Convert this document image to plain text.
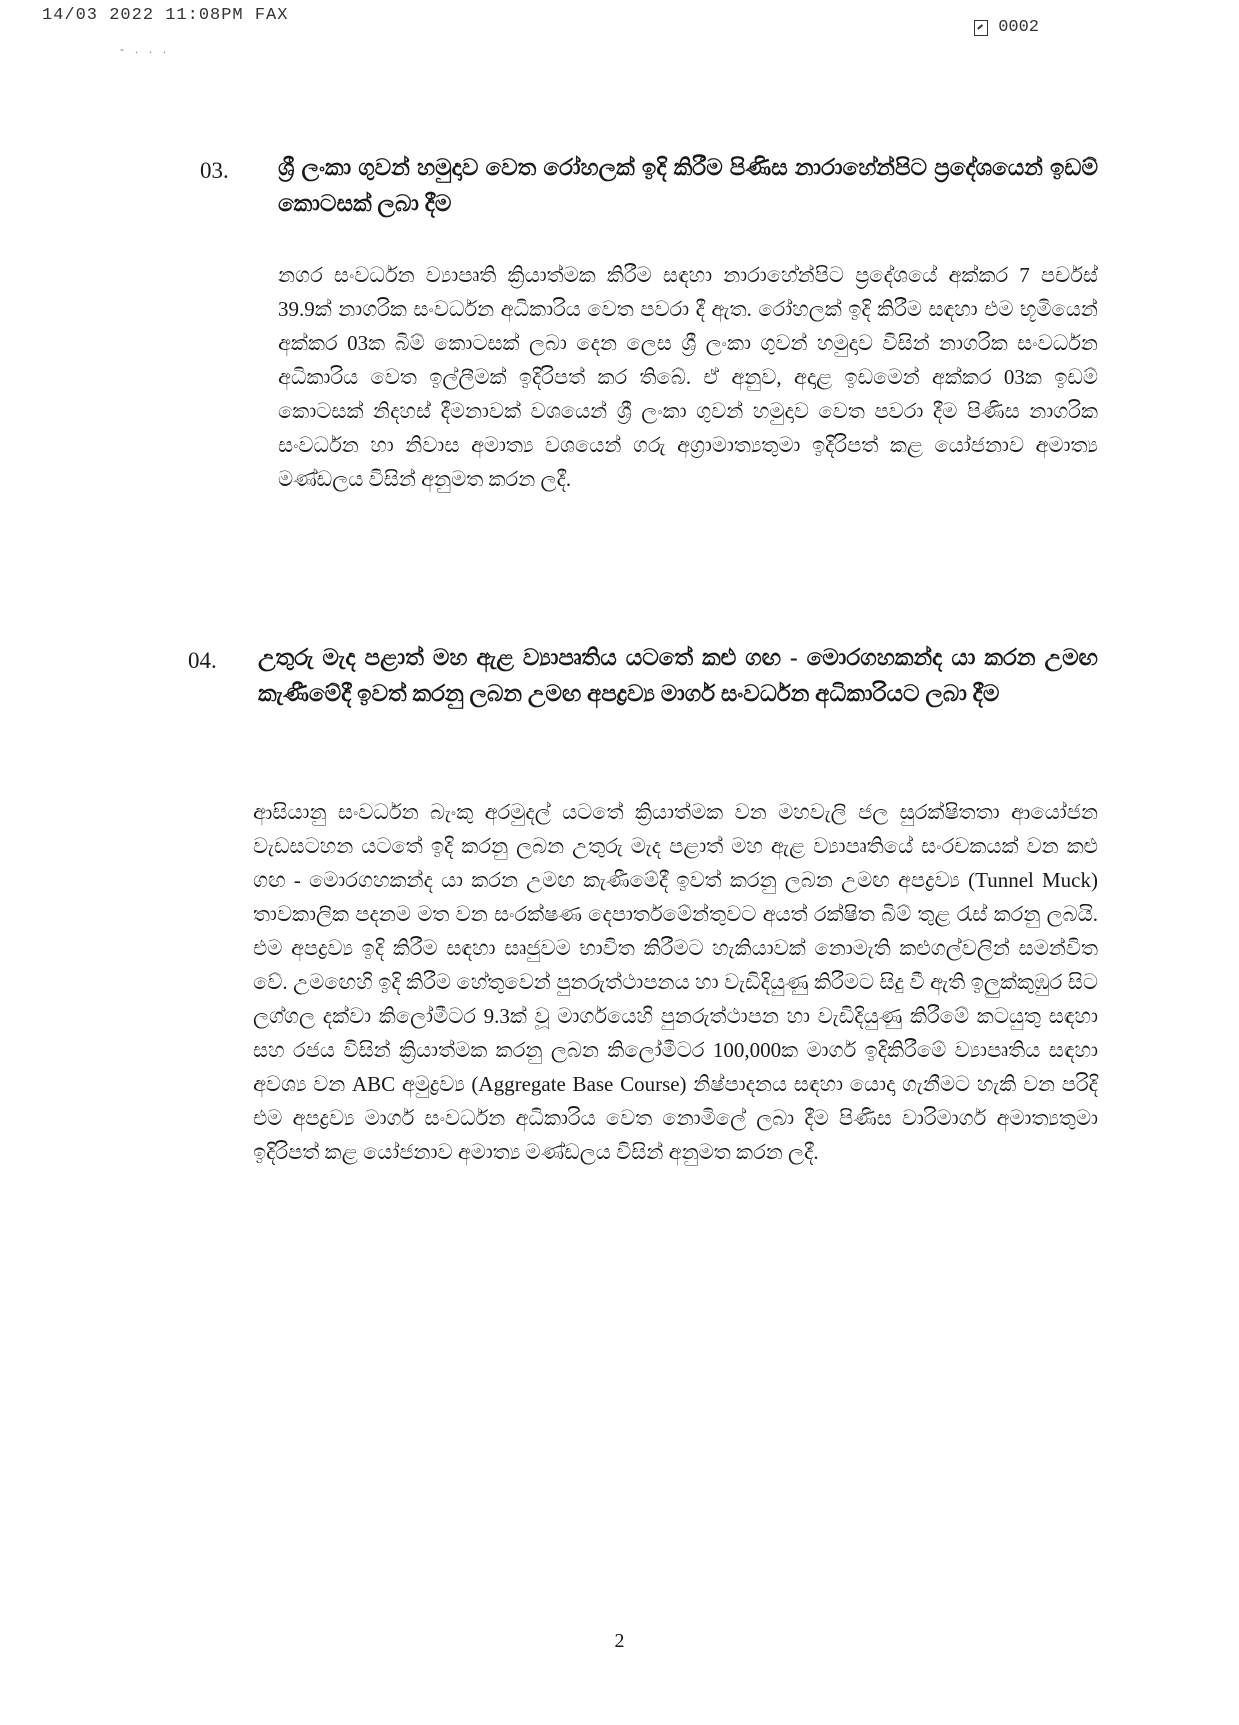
14/03 2022 11:08PM FAX
0002
- . . .
03. ශ්‍රී ලංකා ගුවන් හමුදාව වෙත රෝහලක් ඉදි කිරීම පිණිස නාරාහේන්පිට ප්‍රදේශයෙන් ඉඩම් කොටසක් ලබා දීම
නගර සංවර්ධන ව්‍යාපෘති ක්‍රියාත්මක කිරීම සඳහා නාරාහේන්පිට ප්‍රදේශයේ අක්කර 7 පර්චස් 39.9ක් නාගරික සංවර්ධන අධිකාරිය වෙත පවරා දී ඇත. රෝහලක් ඉදි කිරීම සඳහා එම භූමියෙන් අක්කර 03ක බිම් කොටසක් ලබා දෙන ලෙස ශ්‍රී ලංකා ගුවන් හමුදාව විසින් නාගරික සංවර්ධන අධිකාරිය වෙත ඉල්ලීමක් ඉදිරිපත් කර තිබේ. ඒ අනුව, අදාළ ඉඩමෙන් අක්කර 03ක ඉඩම් කොටසක් නිදහස් දීමනාවක් වශයෙන් ශ්‍රී ලංකා ගුවන් හමුදාව වෙත පවරා දීම පිණිස නාගරික සංවර්ධන හා නිවාස අමාත්‍ය වශයෙන් ගරු අග්‍රාමාත්‍යතුමා ඉදිරිපත් කළ යෝජනාව අමාත්‍ය මණ්ඩලය විසින් අනුමත කරන ලදී.
04. උතුරු මැද පළාත් මහ ඇළ ව්‍යාපෘතිය යටතේ කළු ගඟ - මොරගහකන්ද යා කරන උමඟ කැණීමේදී ඉවත් කරනු ලබන උමඟ අපද්‍රව්‍ය මාර්ග සංවර්ධන අධිකාරියට ලබා දීම
ආසියානු සංවර්ධන බැංකු අරමුදල් යටතේ ක්‍රියාත්මක වන මහවැලි ජල සුරක්ෂිතතා ආයෝජන වැඩසටහන යටතේ ඉදි කරනු ලබන උතුරු මැද පළාත් මහ ඇළ ව්‍යාපෘතියේ සංරචකයක් වන කළු ගඟ - මොරගහකන්ද යා කරන උමඟ කැණීමේදී ඉවත් කරනු ලබන උමඟ අපද්‍රව්‍ය (Tunnel Muck) තාවකාලික පදනම මත වන සංරක්ෂණ දෙපාර්තමේන්තුවට අයත් රක්ෂිත බිම් තුළ රැස් කරනු ලබයි. එම අපද්‍රව්‍ය ඉදි කිරීම සඳහා සෘජුවම භාවිත කිරීමට හැකියාවක් නොමැති කළුගල්වලින් සමන්විත වේ. උමඟෙහි ඉදි කිරීම හේතුවෙන් පුනරුත්ථාපනය හා වැඩිදියුණු කිරීමට සිදු වී ඇති ඉලුක්කුඹුර සිට ලග්ගල දක්වා කිලෝමීටර 9.3ක් වූ මාර්ගයෙහි පුනරුත්ථාපන හා වැඩිදියුණු කිරීමේ කටයුතු සඳහා සහ රජය විසින් ක්‍රියාත්මක කරනු ලබන කිලෝමීටර 100,000ක මාර්ග ඉදිකිරීමේ ව්‍යාපෘතිය සඳහා අවශ්‍ය වන ABC අමුද්‍රව්‍ය (Aggregate Base Course) නිෂ්පාදනය සඳහා යොදා ගැනීමට හැකි වන පරිදි එම අපද්‍රව්‍ය මාර්ග සංවර්ධන අධිකාරිය වෙත නොමිලේ ලබා දීම පිණිස වාරිමාර්ග අමාත්‍යතුමා ඉදිරිපත් කළ යෝජනාව අමාත්‍ය මණ්ඩලය විසින් අනුමත කරන ලදී.
2
